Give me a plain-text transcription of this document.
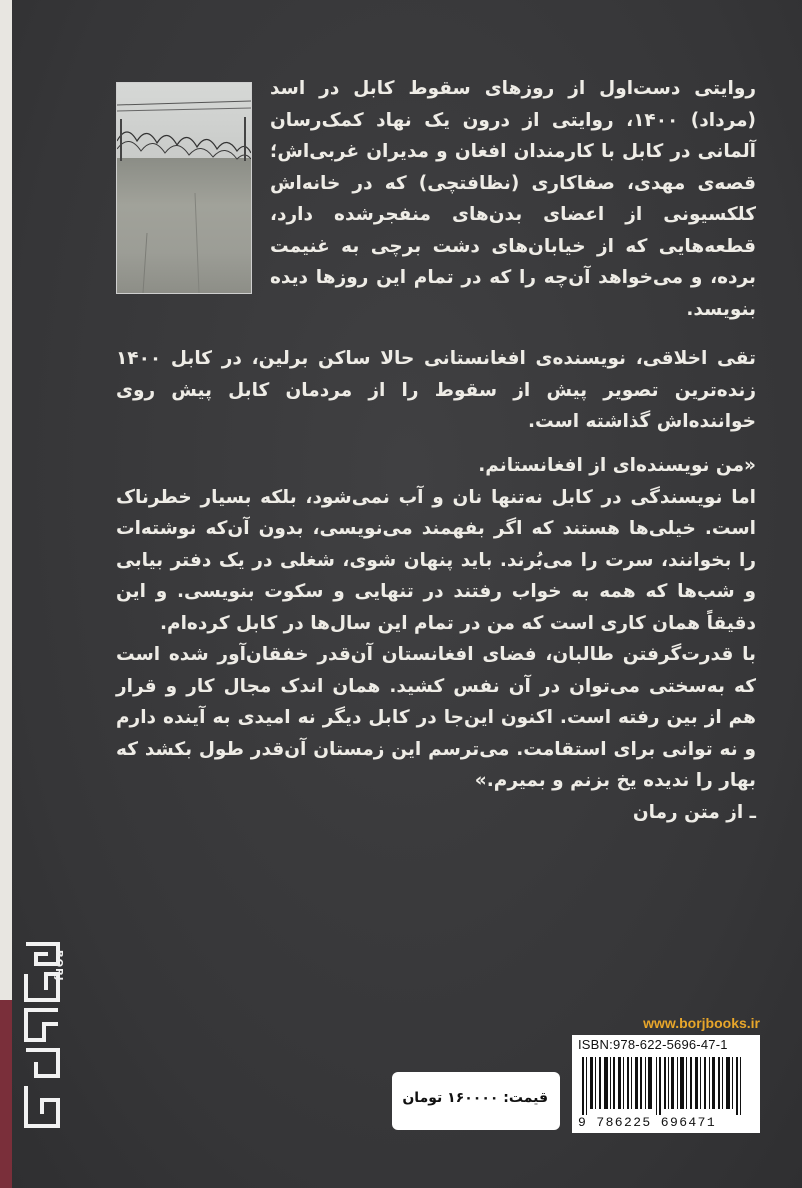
روایتی دست‌اول از روزهای سقوط کابل در اسد (مرداد) ۱۴۰۰، روایتی از درون یک نهاد کمک‌رسان آلمانی در کابل با کارمندان افغان و مدیران غربی‌اش؛ قصه‌ی مهدی، صفاکاری (نظافتچی) که در خانه‌اش کلکسیونی از اعضای بدن‌های منفجرشده دارد، قطعه‌هایی که از خیابان‌های دشت برچی به غنیمت برده، و می‌خواهد آن‌چه را که در تمام این روزها دیده بنویسد.

تقی اخلاقی، نویسنده‌ی افغانستانی حالا ساکن برلین، در کابل ۱۴۰۰ زنده‌ترین تصویر پیش از سقوط را از مردمان کابل پیش روی خواننده‌اش گذاشته است.

«من نویسنده‌ای از افغانستانم.

اما نویسندگی در کابل نه‌تنها نان و آب نمی‌شود، بلکه بسیار خطرناک است. خیلی‌ها هستند که اگر بفهمند می‌نویسی، بدون آن‌که نوشته‌ات را بخوانند، سرت را می‌بُرند. باید پنهان شوی، شغلی در یک دفتر بیابی و شب‌ها که همه به خواب رفتند در تنهایی و سکوت بنویسی. و این دقیقاً همان کاری است که من در تمام این سال‌ها در کابل کرده‌ام.

با قدرت‌گرفتن طالبان، فضای افغانستان آن‌قدر خفقان‌آور شده است که به‌سختی می‌توان در آن نفس کشید. همان اندک مجال کار و قرار هم از بین رفته است. اکنون این‌جا در کابل دیگر نه امیدی به آینده دارم و نه توانی برای استقامت. می‌ترسم این زمستان آن‌قدر طول بکشد که بهار را ندیده یخ بزنم و بمیرم.»

ـ از متن رمان

BORJ
www.borjbooks.ir
ISBN:978-622-5696-47-1
9 786225 696471
قیمت: ۱۶۰۰۰۰ تومان
